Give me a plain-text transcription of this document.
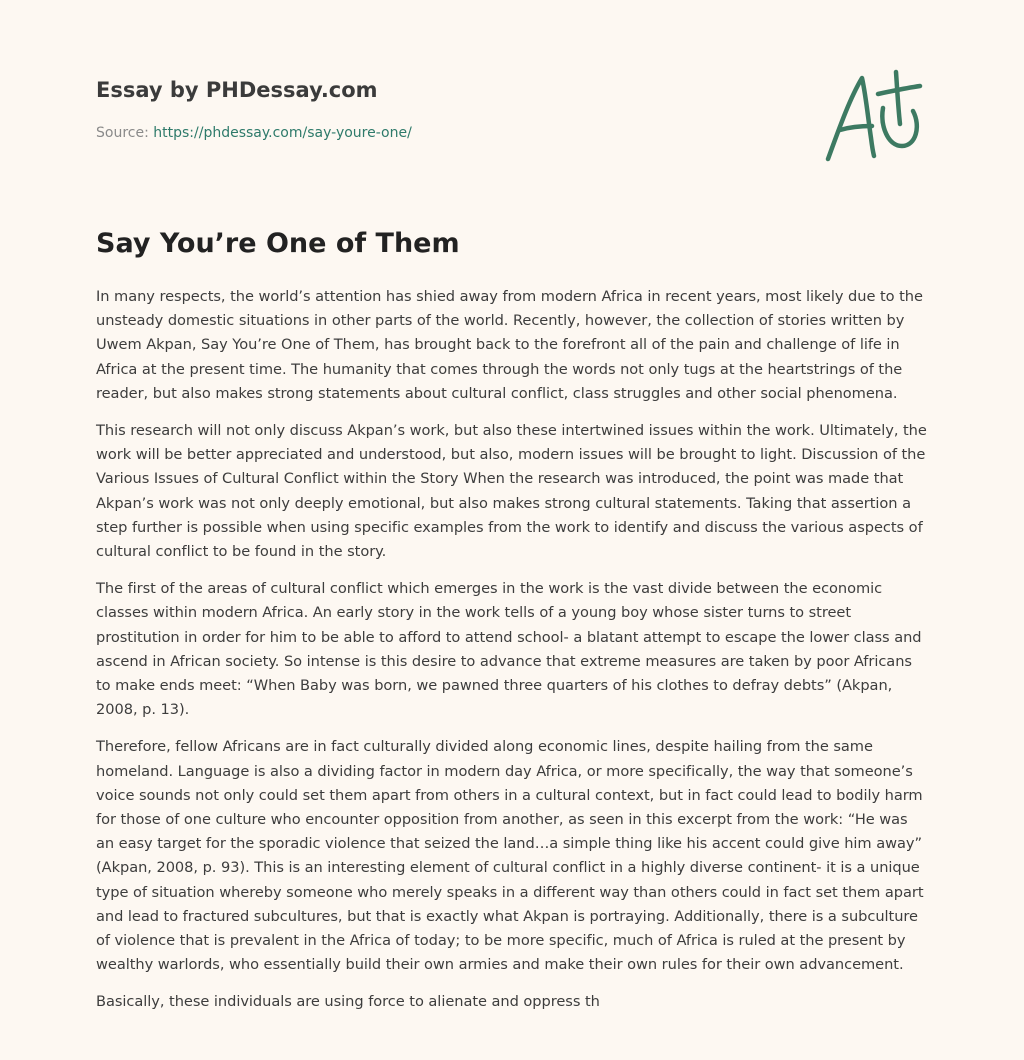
Essay by PHDessay.com
Source: https://phdessay.com/say-youre-one/
Say You’re One of Them

In many respects, the world’s attention has shied away from modern Africa in recent years, most likely due to the unsteady domestic situations in other parts of the world. Recently, however, the collection of stories written by Uwem Akpan, Say You’re One of Them, has brought back to the forefront all of the pain and challenge of life in Africa at the present time. The humanity that comes through the words not only tugs at the heartstrings of the reader, but also makes strong statements about cultural conflict, class struggles and other social phenomena.

This research will not only discuss Akpan’s work, but also these intertwined issues within the work. Ultimately, the work will be better appreciated and understood, but also, modern issues will be brought to light. Discussion of the Various Issues of Cultural Conflict within the Story When the research was introduced, the point was made that Akpan’s work was not only deeply emotional, but also makes strong cultural statements. Taking that assertion a step further is possible when using specific examples from the work to identify and discuss the various aspects of cultural conflict to be found in the story.

The first of the areas of cultural conflict which emerges in the work is the vast divide between the economic classes within modern Africa. An early story in the work tells of a young boy whose sister turns to street prostitution in order for him to be able to afford to attend school- a blatant attempt to escape the lower class and ascend in African society. So intense is this desire to advance that extreme measures are taken by poor Africans to make ends meet: “When Baby was born, we pawned three quarters of his clothes to defray debts” (Akpan, 2008, p. 13).

Therefore, fellow Africans are in fact culturally divided along economic lines, despite hailing from the same homeland. Language is also a dividing factor in modern day Africa, or more specifically, the way that someone’s voice sounds not only could set them apart from others in a cultural context, but in fact could lead to bodily harm for those of one culture who encounter opposition from another, as seen in this excerpt from the work: “He was an easy target for the sporadic violence that seized the land…a simple thing like his accent could give him away” (Akpan, 2008, p. 93). This is an interesting element of cultural conflict in a highly diverse continent- it is a unique type of situation whereby someone who merely speaks in a different way than others could in fact set them apart and lead to fractured subcultures, but that is exactly what Akpan is portraying. Additionally, there is a subculture of violence that is prevalent in the Africa of today; to be more specific, much of Africa is ruled at the present by wealthy warlords, who essentially build their own armies and make their own rules for their own advancement.

Basically, these individuals are using force to alienate and oppress th
